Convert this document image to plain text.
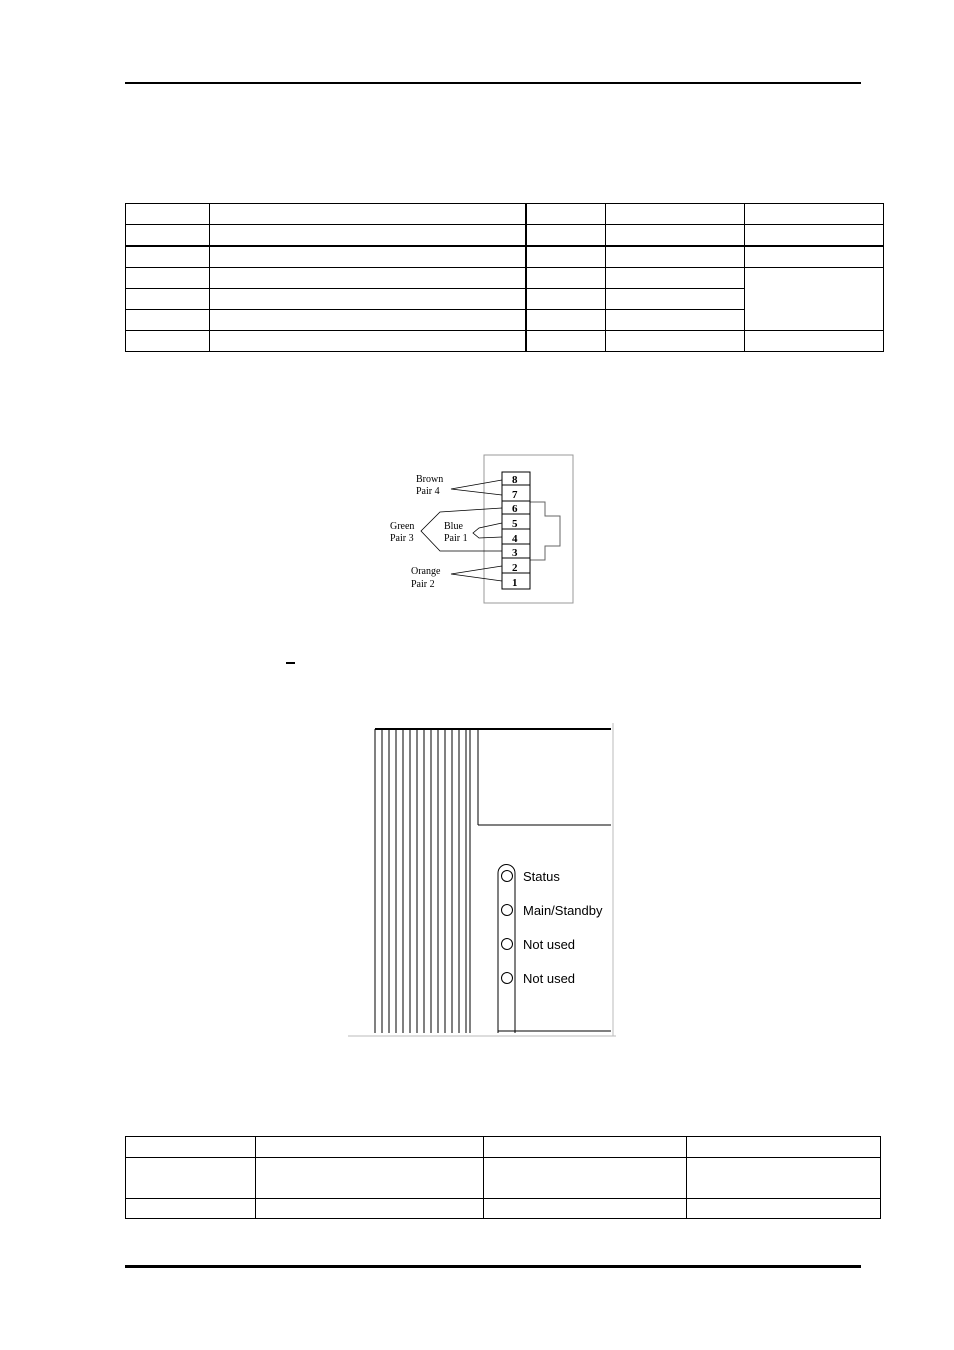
8
7
6
5
4
3
2
1
Brown
Pair 4
Green
Pair 3
Blue
Pair 1
Orange
Pair 2
Status
Main/Standby
Not used
Not used
